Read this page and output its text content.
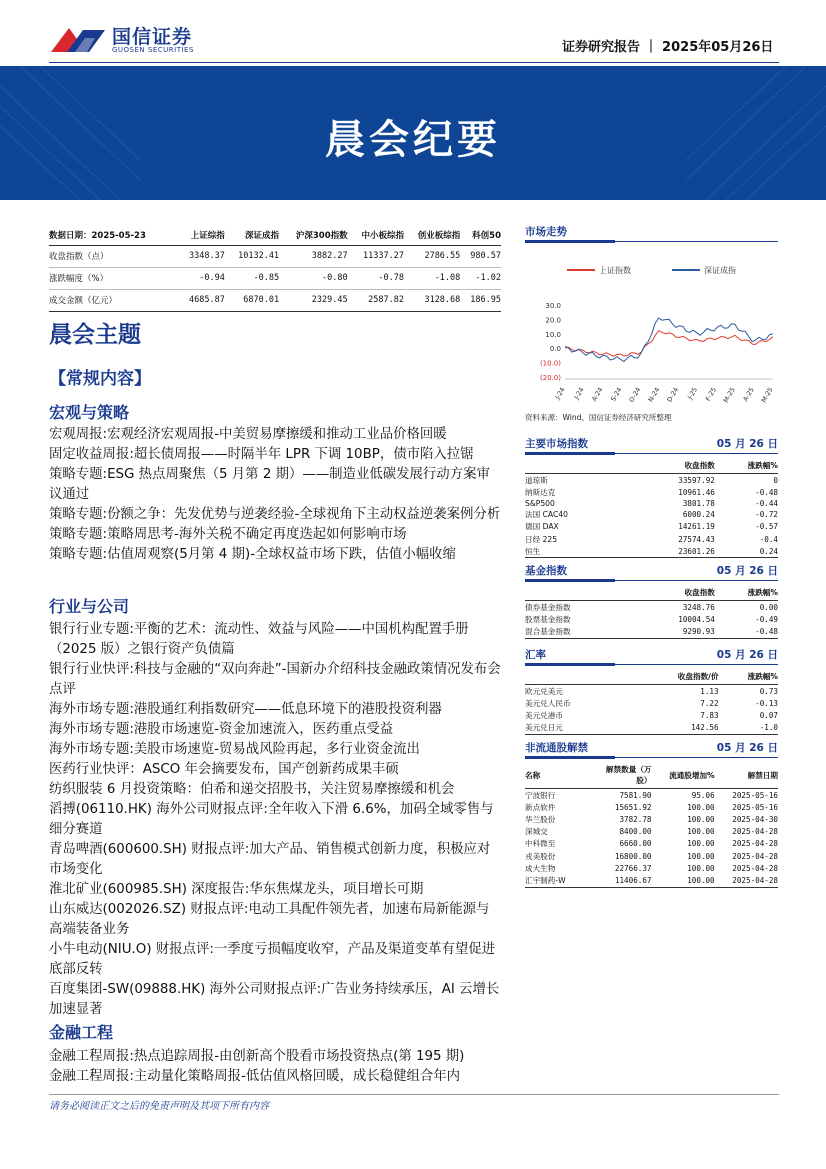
国信证券
GUOSEN SECURITIES	证券研究报告 ｜ 2025年05月26日
晨会纪要
数据日期：2025-05-23	上证综指	深证成指	沪深300指数	中小板综指	创业板综指	科创50
收盘指数（点）	3348.37	10132.41	3882.27	11337.27	2786.55	980.57
涨跌幅度（%）	-0.94	-0.85	-0.80	-0.78	-1.08	-1.02
成交金额（亿元）	4685.87	6870.01	2329.45	2587.82	3128.68	186.95
晨会主题
【常规内容】
宏观与策略
宏观周报:宏观经济宏观周报-中美贸易摩擦缓和推动工业品价格回暖
固定收益周报:超长债周报——时隔半年 LPR 下调 10BP，债市陷入拉锯
策略专题:ESG 热点周聚焦（5 月第 2 期）——制造业低碳发展行动方案审议通过
策略专题:份额之争：先发优势与逆袭经验-全球视角下主动权益逆袭案例分析
策略专题:策略周思考-海外关税不确定再度迭起如何影响市场
策略专题:估值周观察(5月第 4 期)-全球权益市场下跌，估值小幅收缩
行业与公司
银行行业专题:平衡的艺术：流动性、效益与风险——中国机构配置手册（2025 版）之银行资产负债篇
银行行业快评:科技与金融的“双向奔赴”-国新办介绍科技金融政策情况发布会点评
海外市场专题:港股通红利指数研究——低息环境下的港股投资利器
海外市场专题:港股市场速览-资金加速流入，医药重点受益
海外市场专题:美股市场速览-贸易战风险再起，多行业资金流出
医药行业快评：ASCO 年会摘要发布，国产创新药成果丰硕
纺织服装 6 月投资策略：伯希和递交招股书，关注贸易摩擦缓和机会
滔搏(06110.HK) 海外公司财报点评:全年收入下滑 6.6%，加码全域零售与细分赛道
青岛啤酒(600600.SH) 财报点评:加大产品、销售模式创新力度，积极应对市场变化
淮北矿业(600985.SH) 深度报告:华东焦煤龙头，项目增长可期
山东威达(002026.SZ) 财报点评:电动工具配件领先者，加速布局新能源与高端装备业务
小牛电动(NIU.O) 财报点评:一季度亏损幅度收窄，产品及渠道变革有望促进底部反转
百度集团-SW(09888.HK) 海外公司财报点评:广告业务持续承压，AI 云增长加速显著
金融工程
金融工程周报:热点追踪周报-由创新高个股看市场投资热点(第 195 期)
金融工程周报:主动量化策略周报-低估值风格回暖，成长稳健组合年内
市场走势
上证指数	深证成指
30.0
20.0
10.0
0.0
(10.0)
(20.0)
J-24 J-24 A-24 S-24 O-24 N-24 D-24 J-25 F-25 M-25 A-25 M-25
资料来源：Wind、国信证券经济研究所整理
主要市场指数	05 月 26 日
	收盘指数	涨跌幅%
道琼斯	33597.92	0
纳斯达克	10961.46	-0.48
S&P500	3801.78	-0.44
法国 CAC40	6000.24	-0.72
德国 DAX	14261.19	-0.57
日经 225	27574.43	-0.4
恒生	23601.26	0.24
基金指数	05 月 26 日
	收盘指数	涨跌幅%
债券基金指数	3248.76	0.00
股票基金指数	10004.54	-0.49
混合基金指数	9290.93	-0.48
汇率	05 月 26 日
	收盘指数/价	涨跌幅%
欧元兑美元	1.13	0.73
美元兑人民币	7.22	-0.13
美元兑港币	7.83	0.07
美元兑日元	142.56	-1.0
非流通股解禁	05 月 26 日
名称	解禁数量（万股）	流通股增加%	解禁日期
宁波银行	7581.90	95.06	2025-05-16
新点软件	15651.92	100.00	2025-05-16
华兰股份	3782.78	100.00	2025-04-30
深城交	8400.00	100.00	2025-04-28
中科微至	6660.00	100.00	2025-04-28
戎美股份	16800.00	100.00	2025-04-28
成大生物	22766.37	100.00	2025-04-28
汇宇制药-W	11406.67	100.00	2025-04-28
请务必阅读正文之后的免责声明及其项下所有内容
